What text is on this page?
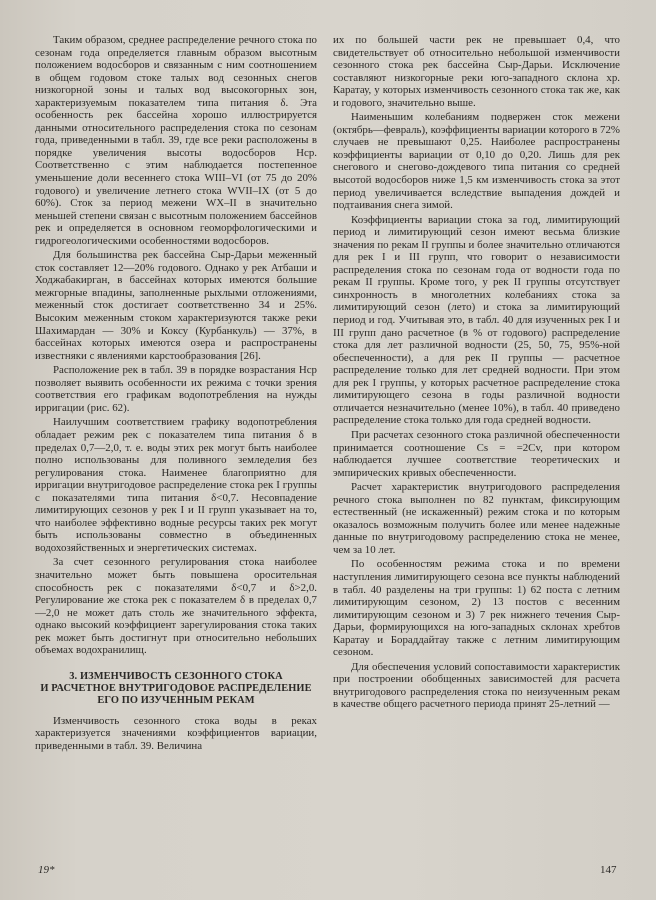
Таким образом, среднее распределение речного стока по сезонам года определяется главным образом высотным положением водосборов и связанным с ним соотношением в общем годовом стоке талых вод сезонных снегов низкогорной зоны и талых вод высокогорных зон, характеризуемым показателем типа питания δ. Эта особенность рек бассейна хорошо иллюстрируется данными относительного распределения стока по сезонам года, приведенными в табл. 39, где все реки расположены в порядке увеличения высоты водосборов Hср. Соответственно с этим наблюдается постепенное уменьшение доли весеннего стока WIII–VI (от 75 до 20% годового) и увеличение летнего стока WVII–IX (от 5 до 60%). Сток за период межени WX–II в значительно меньшей степени связан с высотным положением бассейнов рек и определяется в основном геоморфологическими и гидрогеологическими особенностями водосборов.

Для большинства рек бассейна Сыр-Дарьи меженный сток составляет 12—20% годового. Однако у рек Атбаши и Ходжабакирган, в бассейнах которых имеются большие межгорные впадины, заполненные рыхлыми отложениями, меженный сток достигает соответственно 34 и 25%. Высоким меженным стоком характеризуются также реки Шахимардан — 30% и Коксу (Курбанкуль) — 37%, в бассейнах которых имеются озера и распространены известняки с явлениями карстообразования [26].

Расположение рек в табл. 39 в порядке возрастания Hср позволяет выявить особенности их режима с точки зрения соответствия его графикам водопотребления на нужды ирригации (рис. 62).

Наилучшим соответствием графику водопотребления обладает режим рек с показателем типа питания δ в пределах 0,7—2,0, т. е. воды этих рек могут быть наиболее полно использованы для поливного земледелия без регулирования стока. Наименее благоприятно для ирригации внутригодовое распределение стока рек I группы с показателями типа питания δ<0,7. Несовпадение лимитирующих сезонов у рек I и II групп указывает на то, что наиболее эффективно водные ресурсы таких рек могут быть использованы совместно в объединенных водохозяйственных и энергетических системах.

За счет сезонного регулирования стока наиболее значительно может быть повышена оросительная способность рек с показателями δ<0,7 и δ>2,0. Регулирование же стока рек с показателем δ в пределах 0,7—2,0 не может дать столь же значительного эффекта, однако высокий коэффициент зарегулирования стока таких рек может быть достигнут при относительно небольших объемах водохранилищ.

3. ИЗМЕНЧИВОСТЬ СЕЗОННОГО СТОКА
И РАСЧЕТНОЕ ВНУТРИГОДОВОЕ РАСПРЕДЕЛЕНИЕ
ЕГО ПО ИЗУЧЕННЫМ РЕКАМ

Изменчивость сезонного стока воды в реках характеризуется значениями коэффициентов вариации, приведенными в табл. 39. Величина

их по большей части рек не превышает 0,4, что свидетельствует об относительно небольшой изменчивости сезонного стока рек бассейна Сыр-Дарьи. Исключение составляют низкогорные реки юго-западного склона хр. Каратау, у которых изменчивость сезонного стока так же, как и годового, значительно выше.

Наименьшим колебаниям подвержен сток межени (октябрь—февраль), коэффициенты вариации которого в 72% случаев не превышают 0,25. Наиболее распространены коэффициенты вариации от 0,10 до 0,20. Лишь для рек снегового и снегово-дождевого типа питания со средней высотой водосборов ниже 1,5 км изменчивость стока за этот период увеличивается вследствие выпадения дождей и подтаивания снега зимой.

Коэффициенты вариации стока за год, лимитирующий период и лимитирующий сезон имеют весьма близкие значения по рекам II группы и более значительно отличаются для рек I и III групп, что говорит о независимости распределения стока по сезонам года от водности года по рекам II группы. Кроме того, у рек II группы отсутствует синхронность в многолетних колебаниях стока за лимитирующий сезон (лето) и стока за лимитирующий период и год. Учитывая это, в табл. 40 для изученных рек I и III групп дано расчетное (в % от годового) распределение стока для лет различной водности (25, 50, 75, 95%-ной обеспеченности), а для рек II группы — расчетное распределение только для лет средней водности. При этом для рек I группы, у которых расчетное распределение стока лимитирующего сезона в годы различной водности отличается незначительно (менее 10%), в табл. 40 приведено распределение стока только для года средней водности.

При расчетах сезонного стока различной обеспеченности принимается соотношение Cs = =2Cv, при котором наблюдается лучшее соответствие теоретических и эмпирических кривых обеспеченности.

Расчет характеристик внутригодового распределения речного стока выполнен по 82 пунктам, фиксирующим естественный (не искаженный) режим стока и по которым оказалось возможным получить более или менее надежные данные по внутригодовому распределению стока не менее, чем за 10 лет.

По особенностям режима стока и по времени наступления лимитирующего сезона все пункты наблюдений в табл. 40 разделены на три группы: 1) 62 поста с летним лимитирующим сезоном, 2) 13 постов с весенним лимитирующим сезоном и 3) 7 рек нижнего течения Сыр-Дарьи, формирующихся на юго-западных склонах хребтов Каратау и Бораддайтау также с летним лимитирующим сезоном.

Для обеспечения условий сопоставимости характеристик при построении обобщенных зависимостей для расчета внутригодового распределения стока по неизученным рекам в качестве общего расчетного периода принят 25-летний —

19*	147
